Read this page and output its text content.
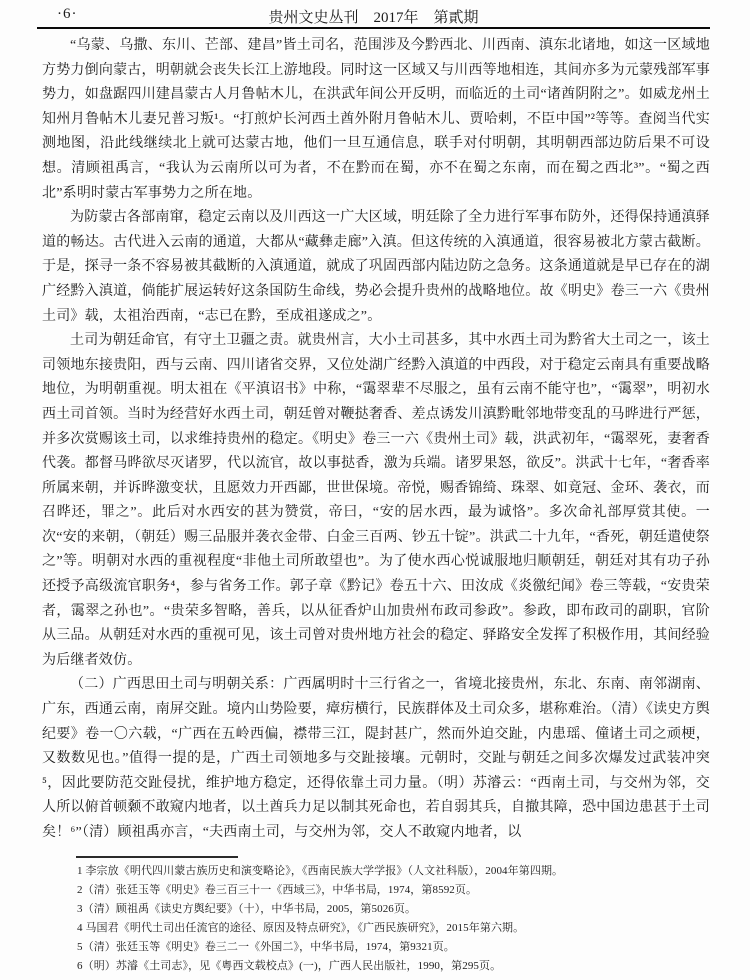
·6·	贵州文史丛刊　2017年　第貳期

“乌蒙、乌撒、东川、芒部、建昌”皆土司名，范围涉及今黔西北、川西南、滇东北诸地，如这一区域地方势力倒向蒙古，明朝就会丧失长江上游地段。同时这一区域又与川西等地相连，其间亦多为元蒙残部军事势力，如盘踞四川建昌蒙古人月鲁帖木儿，在洪武年间公开反明，而临近的土司“诸酋阴附之”。如威龙州土知州月鲁帖木儿妻兄普习叛¹。“打煎炉长河西土酋外附月鲁帖木儿、贾哈剌，不臣中国”²等等。查阅当代实测地图，沿此线继续北上就可达蒙古地，他们一旦互通信息，联手对付明朝，其明朝西部边防后果不可设想。清顾祖禹言，“我认为云南所以可为者，不在黔而在蜀，亦不在蜀之东南，而在蜀之西北³”。“蜀之西北”系明时蒙古军事势力之所在地。

为防蒙古各部南窜，稳定云南以及川西这一广大区域，明廷除了全力进行军事布防外，还得保持通滇驿道的畅达。古代进入云南的通道，大都从“藏彝走廊”入滇。但这传统的入滇通道，很容易被北方蒙古截断。于是，探寻一条不容易被其截断的入滇通道，就成了巩固西部内陆边防之急务。这条通道就是早已存在的湖广经黔入滇道，倘能扩展运转好这条国防生命线，势必会提升贵州的战略地位。故《明史》卷三一六《贵州土司》载，太祖治西南，“志已在黔，至成祖遂成之”。

土司为朝廷命官，有守土卫疆之责。就贵州言，大小土司甚多，其中水西土司为黔省大土司之一，该土司领地东接贵阳，西与云南、四川诸省交界，又位处湖广经黔入滇道的中西段，对于稳定云南具有重要战略地位，为明朝重视。明太祖在《平滇诏书》中称，“霭翠辈不尽服之，虽有云南不能守也”，“霭翠”，明初水西土司首领。当时为经营好水西土司，朝廷曾对鞭挞奢香、差点诱发川滇黔毗邻地带变乱的马晔进行严惩，并多次赏赐该土司，以求维持贵州的稳定。《明史》卷三一六《贵州土司》载，洪武初年，“霭翠死，妻奢香代袭。都督马晔欲尽灭诸罗，代以流官，故以事挞香，激为兵端。诸罗果怒，欲反”。洪武十七年，“奢香率所属来朝，并诉晔激变状，且愿效力开西鄙，世世保境。帝悦，赐香锦绮、珠翠、如竟冠、金环、袭衣，而召晔还，罪之”。此后对水西安的甚为赞赏，帝曰，“安的居水西，最为诚恪”。多次命礼部厚赏其使。一次“安的来朝，（朝廷）赐三品服并袭衣金带、白金三百两、钞五十锭”。洪武二十九年，“香死，朝廷遣使祭之”等。明朝对水西的重视程度“非他土司所敢望也”。为了使水西心悦诚服地归顺朝廷，朝廷对其有功子孙还授予高级流官职务⁴，参与省务工作。郭子章《黔记》卷五十六、田汝成《炎徼纪闻》卷三等载，“安贵荣者，霭翠之孙也”。“贵荣多智略，善兵，以从征香炉山加贵州布政司参政”。参政，即布政司的副职，官阶从三品。从朝廷对水西的重视可见，该土司曾对贵州地方社会的稳定、驿路安全发挥了积极作用，其间经验为后继者效仿。

（二）广西思田土司与明朝关系：广西属明时十三行省之一，省境北接贵州，东北、东南、南邻湖南、广东，西通云南，南屏交趾。境内山势险要，瘴疠横行，民族群体及土司众多，堪称难治。（清）《读史方舆纪要》卷一〇六载，“广西在五岭西偏，襟带三江，隄封甚广，然而外迫交趾，内患瑶、僮诸土司之顽梗，又数数见也。”值得一提的是，广西土司领地多与交趾接壤。元朝时，交趾与朝廷之间多次爆发过武装冲突⁵，因此要防范交趾侵扰，维护地方稳定，还得依靠土司力量。（明）苏濬云：“西南土司，与交州为邻，交人所以俯首顿颡不敢窥内地者，以土酋兵力足以制其死命也，若自弱其兵，自撤其障，恐中国边患甚于土司矣！⁶”（清）顾祖禹亦言，“夫西南土司，与交州为邻，交人不敢窥内地者，以

1 李宗放《明代四川蒙古族历史和演变略论》，《西南民族大学学报》（人文社科版），2004年第四期。
2（清）张廷玉等《明史》卷三百三十一《西域三》，中华书局，1974，第8592页。
3（清）顾祖禹《读史方舆纪要》（十），中华书局，2005，第5026页。
4 马国君《明代土司出任流官的途径、原因及特点研究》，《广西民族研究》，2015年第六期。
5（清）张廷玉等《明史》卷三二一《外国二》，中华书局，1974，第9321页。
6（明）苏濬《土司志》，见《粤西文载校点》(一)，广西人民出版社，1990，第295页。
